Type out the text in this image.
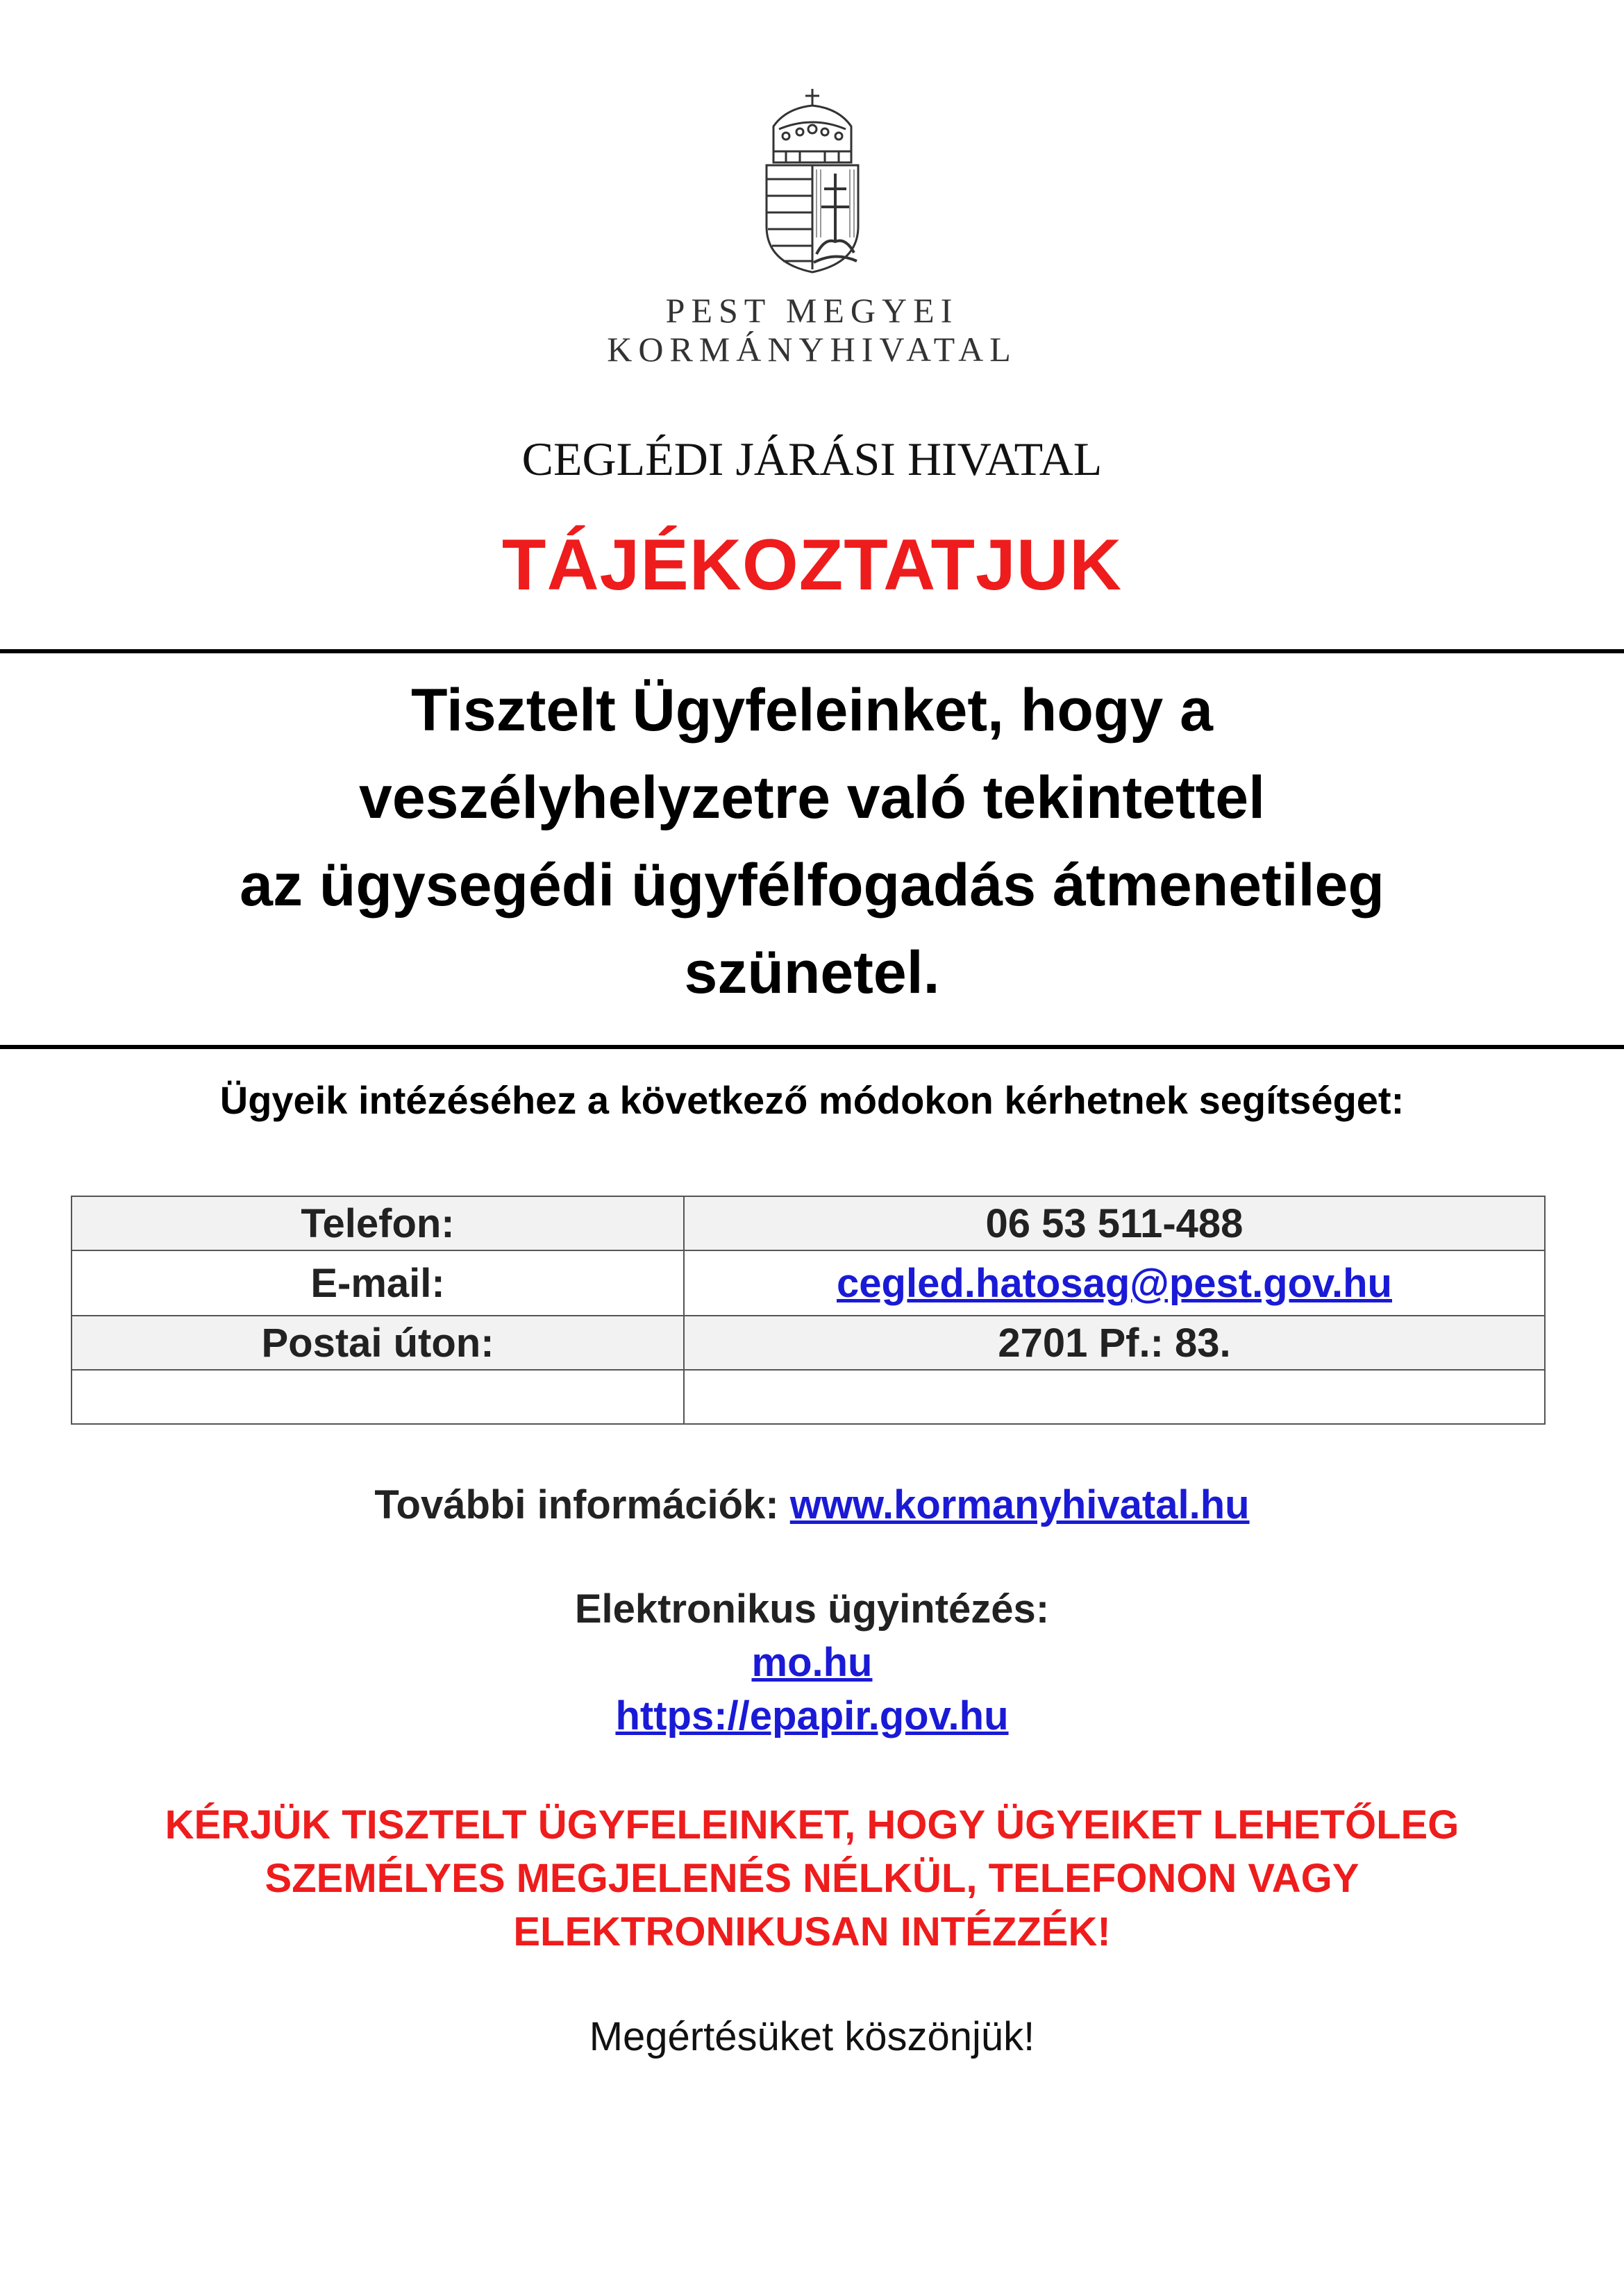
PEST MEGYEI
KORMÁNYHIVATAL
CEGLÉDI JÁRÁSI HIVATAL
TÁJÉKOZTATJUK
Tisztelt Ügyfeleinket, hogy a
veszélyhelyzetre való tekintettel
az ügysegédi ügyfélfogadás átmenetileg
szünetel.
Ügyeik intézéséhez a következő módokon kérhetnek segítséget:
Telefon:	06 53 511-488
E-mail:	cegled.hatosag@pest.gov.hu
Postai úton:	2701 Pf.: 83.

További információk: www.kormanyhivatal.hu
Elektronikus ügyintézés:
mo.hu
https://epapir.gov.hu
KÉRJÜK TISZTELT ÜGYFELEINKET, HOGY ÜGYEIKET LEHETŐLEG
SZEMÉLYES MEGJELENÉS NÉLKÜL, TELEFONON VAGY
ELEKTRONIKUSAN INTÉZZÉK!
Megértésüket köszönjük!
